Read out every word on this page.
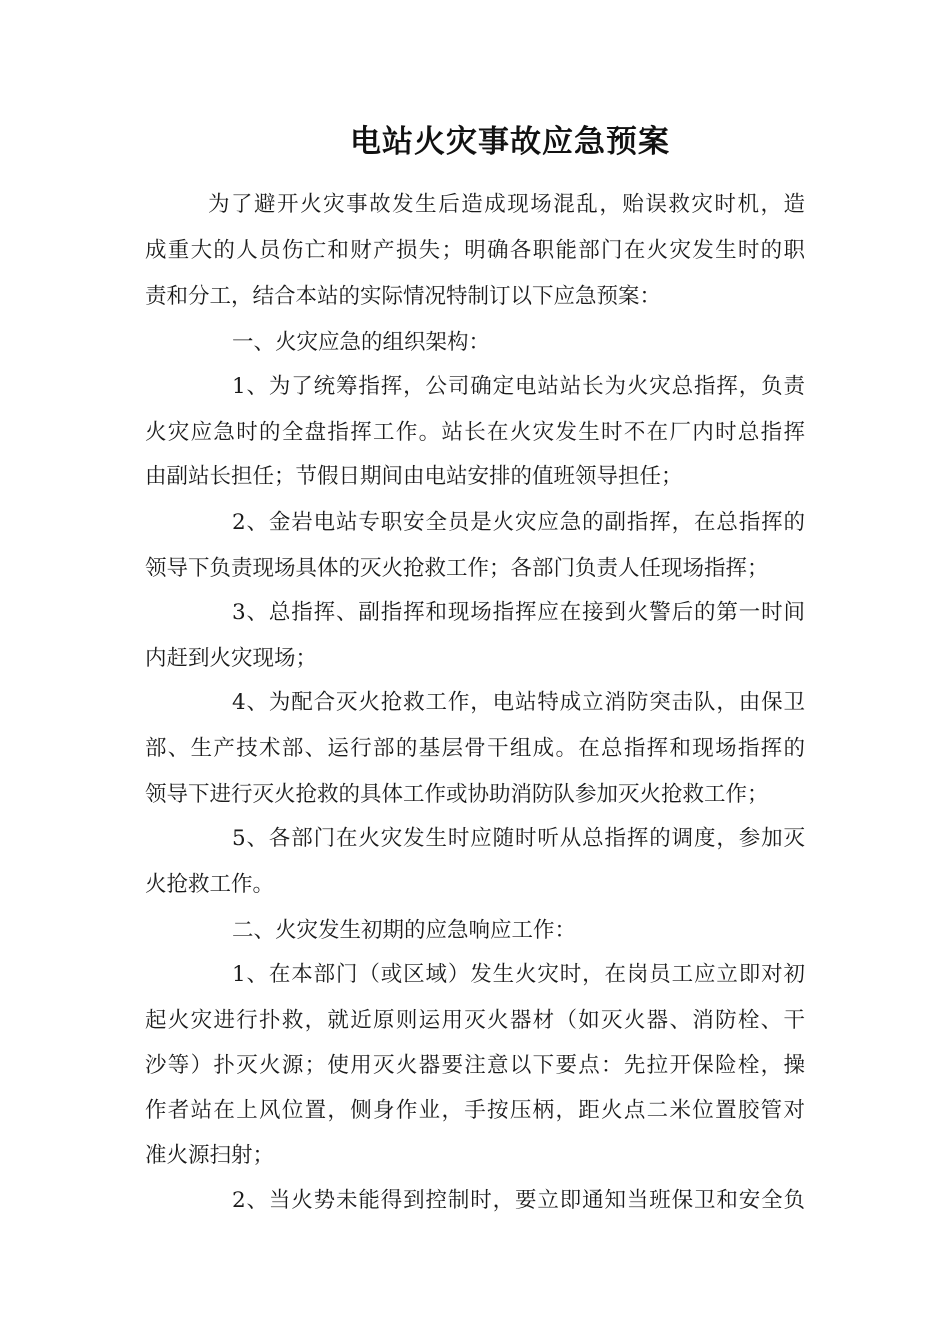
电站火灾事故应急预案

为了避开火灾事故发生后造成现场混乱，贻误救灾时机，造

成重大的人员伤亡和财产损失；明确各职能部门在火灾发生时的职

责和分工，结合本站的实际情况特制订以下应急预案：

一、火灾应急的组织架构：

1、为了统筹指挥，公司确定电站站长为火灾总指挥，负责

火灾应急时的全盘指挥工作。站长在火灾发生时不在厂内时总指挥

由副站长担任；节假日期间由电站安排的值班领导担任；

2、金岩电站专职安全员是火灾应急的副指挥，在总指挥的

领导下负责现场具体的灭火抢救工作；各部门负责人任现场指挥；

3、总指挥、副指挥和现场指挥应在接到火警后的第一时间

内赶到火灾现场；

4、为配合灭火抢救工作，电站特成立消防突击队，由保卫

部、生产技术部、运行部的基层骨干组成。在总指挥和现场指挥的

领导下进行灭火抢救的具体工作或协助消防队参加灭火抢救工作；

5、各部门在火灾发生时应随时听从总指挥的调度，参加灭

火抢救工作。

二、火灾发生初期的应急响应工作：

1、在本部门（或区域）发生火灾时，在岗员工应立即对初

起火灾进行扑救，就近原则运用灭火器材（如灭火器、消防栓、干

沙等）扑灭火源；使用灭火器要注意以下要点：先拉开保险栓，操

作者站在上风位置，侧身作业，手按压柄，距火点二米位置胶管对

准火源扫射；

2、当火势未能得到控制时，要立即通知当班保卫和安全负
